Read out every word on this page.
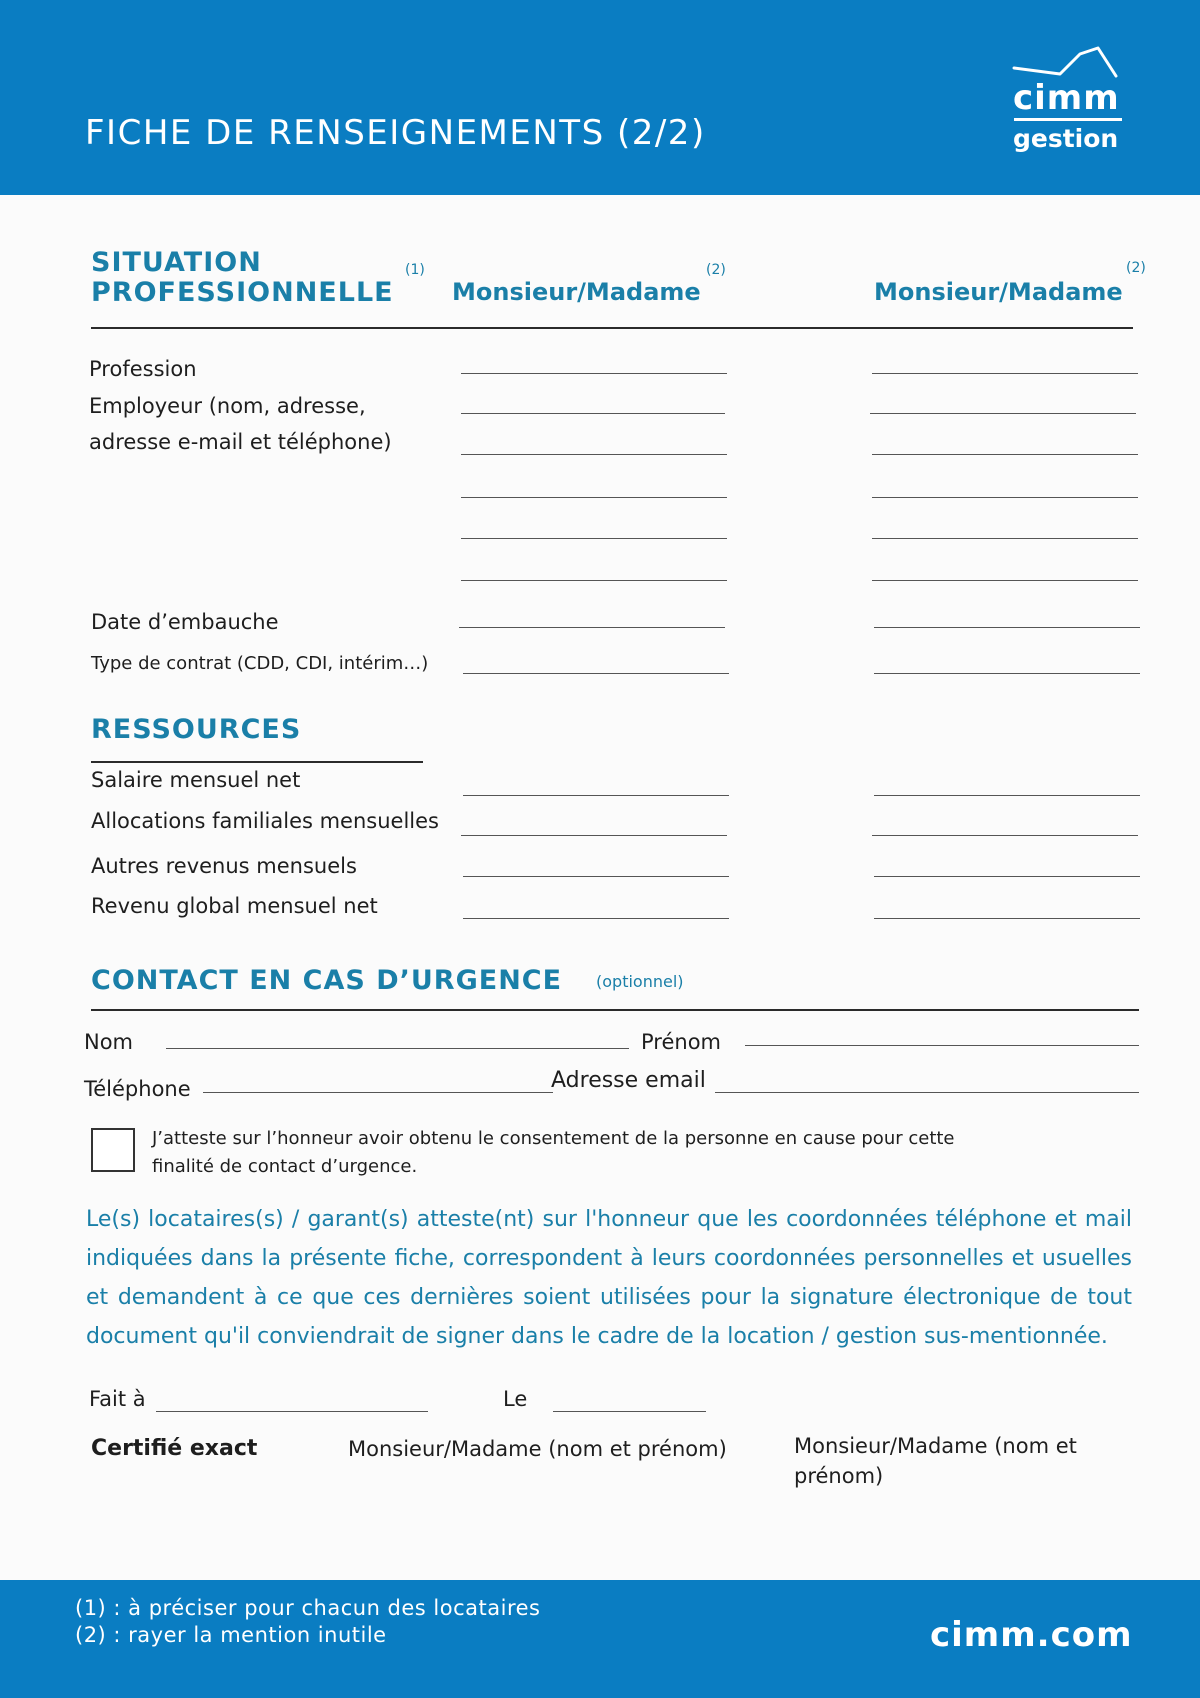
FICHE DE RENSEIGNEMENTS (2/2)
cimm
gestion
SITUATION
PROFESSIONNELLE
(1)
Monsieur/Madame
(2)
Monsieur/Madame
(2)
Profession
Employeur (nom, adresse,
adresse e-mail et téléphone)
Date d’embauche
Type de contrat (CDD, CDI, intérim…)
RESSOURCES
Salaire mensuel net
Allocations familiales mensuelles
Autres revenus mensuels
Revenu global mensuel net
CONTACT EN CAS D’URGENCE (optionnel)
Nom	Prénom
Téléphone	Adresse email
J’atteste sur l’honneur avoir obtenu le consentement de la personne en cause pour cette
finalité de contact d’urgence.
Le(s) locataires(s) / garant(s) atteste(nt) sur l'honneur que les coordonnées téléphone et mail indiquées dans la présente fiche, correspondent à leurs coordonnées personnelles et usuelles et demandent à ce que ces dernières soient utilisées pour la signature électronique de tout document qu'il conviendrait de signer dans le cadre de la location / gestion sus-mentionnée.
Fait à	Le
Certifié exact	Monsieur/Madame (nom et prénom)	Monsieur/Madame (nom et
prénom)
(1) : à préciser pour chacun des locataires
(2) : rayer la mention inutile	cimm.com
